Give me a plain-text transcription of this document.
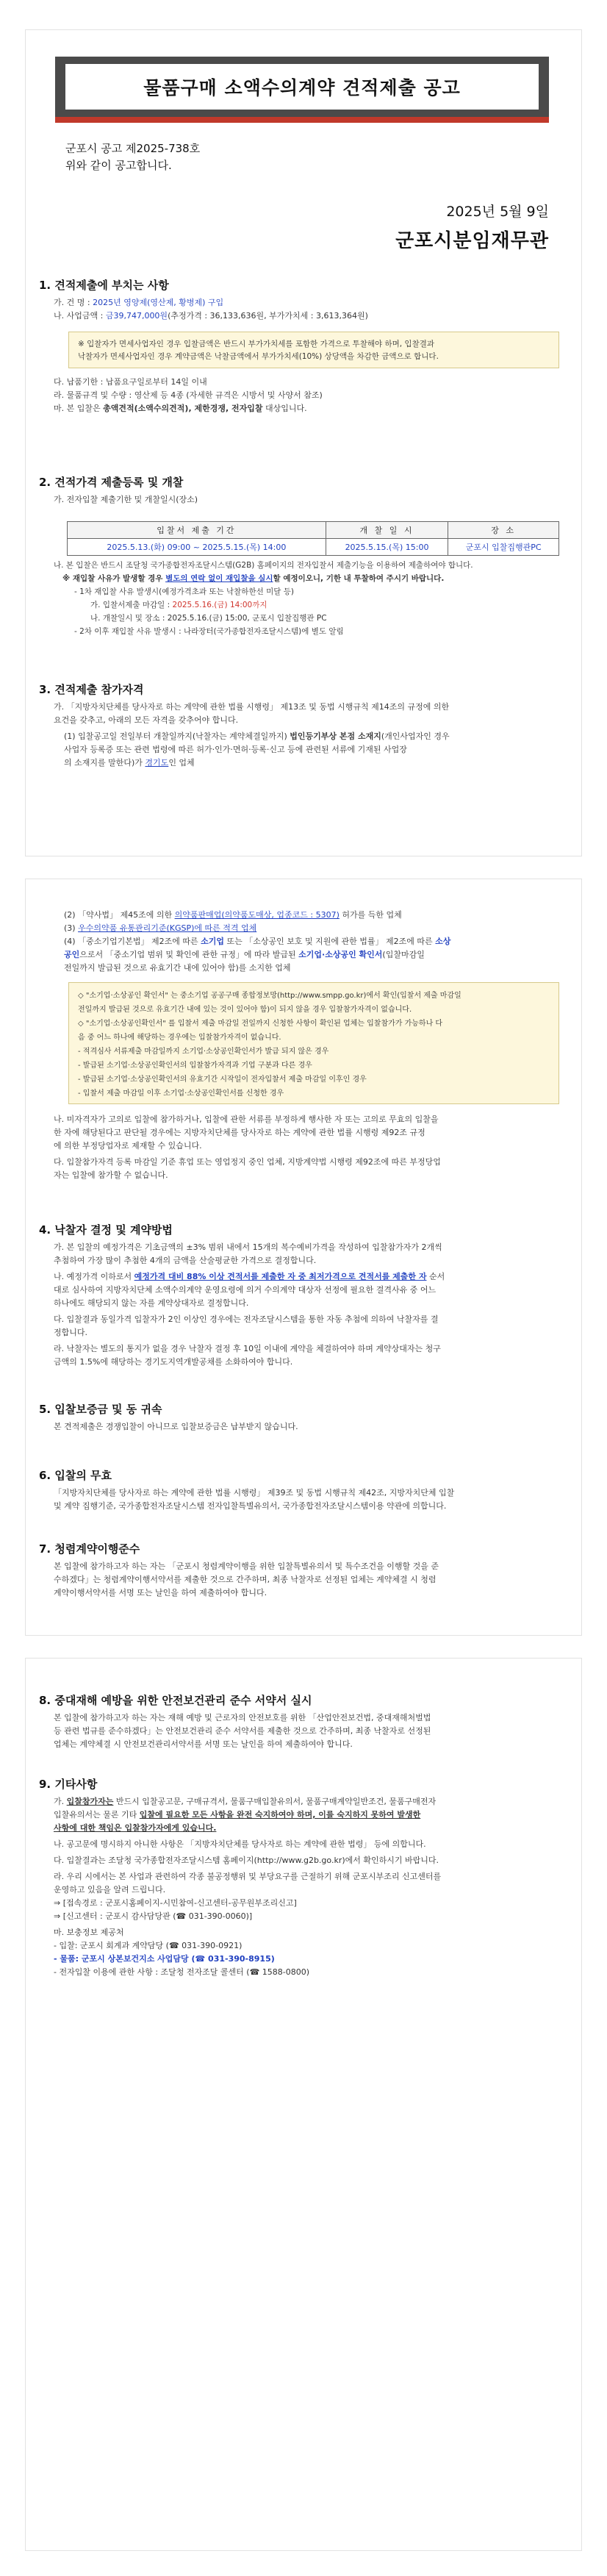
물품구매 소액수의계약 견적제출 공고
군포시 공고 제2025-738호
위와 같이 공고합니다.
2025년 5월 9일
군포시분임재무관
1. 견적제출에 부치는 사항
가. 건 명 : 2025년 영양제(영산제, 황병제) 구입
나. 사업금액 : 금39,747,000원(추정가격 : 36,133,636원, 부가가치세 : 3,613,364원)
※ 입찰자가 면세사업자인 경우 입찰금액은 반드시 부가가치세를 포함한 가격으로 투찰해야 하며, 입찰결과
낙찰자가 면세사업자인 경우 계약금액은 낙찰금액에서 부가가치세(10%) 상당액을 차감한 금액으로 합니다.
다. 납품기한 : 납품요구일로부터 14일 이내
라. 물품규격 및 수량 : 영산제 등 4종 (자세한 규격은 시방서 및 사양서 참조)
마. 본 입찰은 총액견적(소액수의견적), 제한경쟁, 전자입찰 대상입니다.
2. 견적가격 제출등록 및 개찰
가. 전자입찰 제출기한 및 개찰일시(장소)
입찰서 제출 기간	개 찰 일 시	장 소
2025.5.13.(화) 09:00 ~ 2025.5.15.(목) 14:00	2025.5.15.(목) 15:00	군포시 입찰집행관PC
나. 본 입찰은 반드시 조달청 국가종합전자조달시스템(G2B) 홈페이지의 전자입찰서 제출기능을 이용하여 제출하여야 합니다.
※ 재입찰 사유가 발생할 경우 별도의 연락 없이 재입찰을 실시할 예정이오니, 기한 내 투찰하여 주시기 바랍니다.
- 1차 재입찰 사유 발생시(예정가격초과 또는 낙찰하한선 미달 등)
가. 입찰서제출 마감일 : 2025.5.16.(금) 14:00까지
나. 개찰일시 및 장소 : 2025.5.16.(금) 15:00, 군포시 입찰집행관 PC
- 2차 이후 재입찰 사유 발생시 : 나라장터(국가종합전자조달시스템)에 별도 알림
3. 견적제출 참가자격
가. 「지방자치단체를 당사자로 하는 계약에 관한 법률 시행령」 제13조 및 동법 시행규칙 제14조의 규정에 의한
요건을 갖추고, 아래의 모든 자격을 갖추어야 합니다.
(1) 입찰공고일 전일부터 개찰일까지(낙찰자는 계약체결일까지) 법인등기부상 본점 소재지(개인사업자인 경우
사업자 등록증 또는 관련 법령에 따른 허가·인가·면허·등록·신고 등에 관련된 서류에 기재된 사업장
의 소재지를 말한다)가 경기도인 업체
(2) 「약사법」 제45조에 의한 의약품판매업(의약품도매상, 업종코드 : 5307) 허가를 득한 업체
(3) 우수의약품 유통관리기준(KGSP)에 따른 적격 업체
(4) 「중소기업기본법」 제2조에 따른 소기업 또는 「소상공인 보호 및 지원에 관한 법률」 제2조에 따른 소상
공인으로서 「중소기업 범위 및 확인에 관한 규정」에 따라 발급된 소기업·소상공인 확인서(입찰마감일
전일까지 발급된 것으로 유효기간 내에 있어야 함)를 소지한 업체
◇ "소기업·소상공인 확인서" 는 중소기업 공공구매 종합정보망(http://www.smpp.go.kr)에서 확인(입찰서 제출 마감일
전일까지 발급된 것으로 유효기간 내에 있는 것이 있어야 함)이 되지 않을 경우 입찰참가자격이 없습니다.
◇ "소기업·소상공인확인서" 를 입찰서 제출 마감일 전일까지 신청한 사항이 확인된 업체는 입찰참가가 가능하나 다
음 중 어느 하나에 해당하는 경우에는 입찰참가자격이 없습니다.
- 적격심사 서류제출 마감일까지 소기업·소상공인확인서가 발급 되지 않은 경우
- 발급된 소기업·소상공인확인서의 입찰참가자격과 기업 구분과 다른 경우
- 발급된 소기업·소상공인확인서의 유효기간 시작일이 전자입찰서 제출 마감일 이후인 경우
- 입찰서 제출 마감일 이후 소기업·소상공인확인서를 신청한 경우
나. 미자격자가 고의로 입찰에 참가하거나, 입찰에 관한 서류를 부정하게 행사한 자 또는 고의로 무효의 입찰을
한 자에 해당된다고 판단될 경우에는 지방자치단체를 당사자로 하는 계약에 관한 법률 시행령 제92조 규정
에 의한 부정당업자로 제재할 수 있습니다.
다. 입찰참가자격 등록 마감일 기준 휴업 또는 영업정지 중인 업체, 지방계약법 시행령 제92조에 따른 부정당업
자는 입찰에 참가할 수 없습니다.
4. 낙찰자 결정 및 계약방법
가. 본 입찰의 예정가격은 기초금액의 ±3% 범위 내에서 15개의 복수예비가격을 작성하여 입찰참가자가 2개씩
추첨하여 가장 많이 추첨한 4개의 금액을 산술평균한 가격으로 결정합니다.
나. 예정가격 이하로서 예정가격 대비 88% 이상 견적서를 제출한 자 중 최저가격으로 견적서를 제출한 자 순서
대로 심사하여 지방자치단체 소액수의계약 운영요령에 의거 수의계약 대상자 선정에 필요한 결격사유 중 어느
하나에도 해당되지 않는 자를 계약상대자로 결정합니다.
다. 입찰결과 동일가격 입찰자가 2인 이상인 경우에는 전자조달시스템을 통한 자동 추첨에 의하여 낙찰자를 결
정합니다.
라. 낙찰자는 별도의 통지가 없을 경우 낙찰자 결정 후 10일 이내에 계약을 체결하여야 하며 계약상대자는 청구
금액의 1.5%에 해당하는 경기도지역개발공채를 소화하여야 합니다.
5. 입찰보증금 및 동 귀속
본 견적제출은 경쟁입찰이 아니므로 입찰보증금은 납부받지 않습니다.
6. 입찰의 무효
「지방자치단체를 당사자로 하는 계약에 관한 법률 시행령」 제39조 및 동법 시행규칙 제42조, 지방자치단체 입찰
및 계약 집행기준, 국가종합전자조달시스템 전자입찰특별유의서, 국가종합전자조달시스템이용 약관에 의합니다.
7. 청렴계약이행준수
본 입찰에 참가하고자 하는 자는 「군포시 청렴계약이행을 위한 입찰특별유의서 및 특수조건을 이행할 것을 준
수하겠다」는 청렴계약이행서약서를 제출한 것으로 간주하며, 최종 낙찰자로 선정된 업체는 계약체결 시 청렴
계약이행서약서를 서명 또는 날인을 하여 제출하여야 합니다.
8. 중대재해 예방을 위한 안전보건관리 준수 서약서 실시
본 입찰에 참가하고자 하는 자는 재해 예방 및 근로자의 안전보호를 위한 「산업안전보건법, 중대재해처벌법
등 관련 법규를 준수하겠다」는 안전보건관리 준수 서약서를 제출한 것으로 간주하며, 최종 낙찰자로 선정된
업체는 계약체결 시 안전보건관리서약서를 서명 또는 날인을 하여 제출하여야 합니다.
9. 기타사항
가. 입찰참가자는 반드시 입찰공고문, 구매규격서, 물품구매입찰유의서, 물품구매계약일반조건, 물품구매전자
입찰유의서는 물론 기타 입찰에 필요한 모든 사항을 완전 숙지하여야 하며, 이를 숙지하지 못하여 발생한
사항에 대한 책임은 입찰참가자에게 있습니다.
나. 공고문에 명시하지 아니한 사항은 「지방자치단체를 당사자로 하는 계약에 관한 법령」 등에 의합니다.
다. 입찰결과는 조달청 국가종합전자조달시스템 홈페이지(http://www.g2b.go.kr)에서 확인하시기 바랍니다.
라. 우리 시에서는 본 사업과 관련하여 각종 불공정행위 및 부당요구를 근절하기 위해 군포시부조리 신고센터를
운영하고 있음을 알려 드립니다.
⇒ [접속경로 : 군포시홈페이지-시민참여-신고센터-공무원부조리신고]
⇒ [신고센터 : 군포시 감사담당관 (☎ 031-390-0060)]
마. 보충정보 제공처
- 입찰: 군포시 회계과 계약담당 (☎ 031-390-0921)
- 물품: 군포시 상본보건지소 사업담당 (☎ 031-390-8915)
- 전자입찰 이용에 관한 사항 : 조달청 전자조달 콜센터 (☎ 1588-0800)
